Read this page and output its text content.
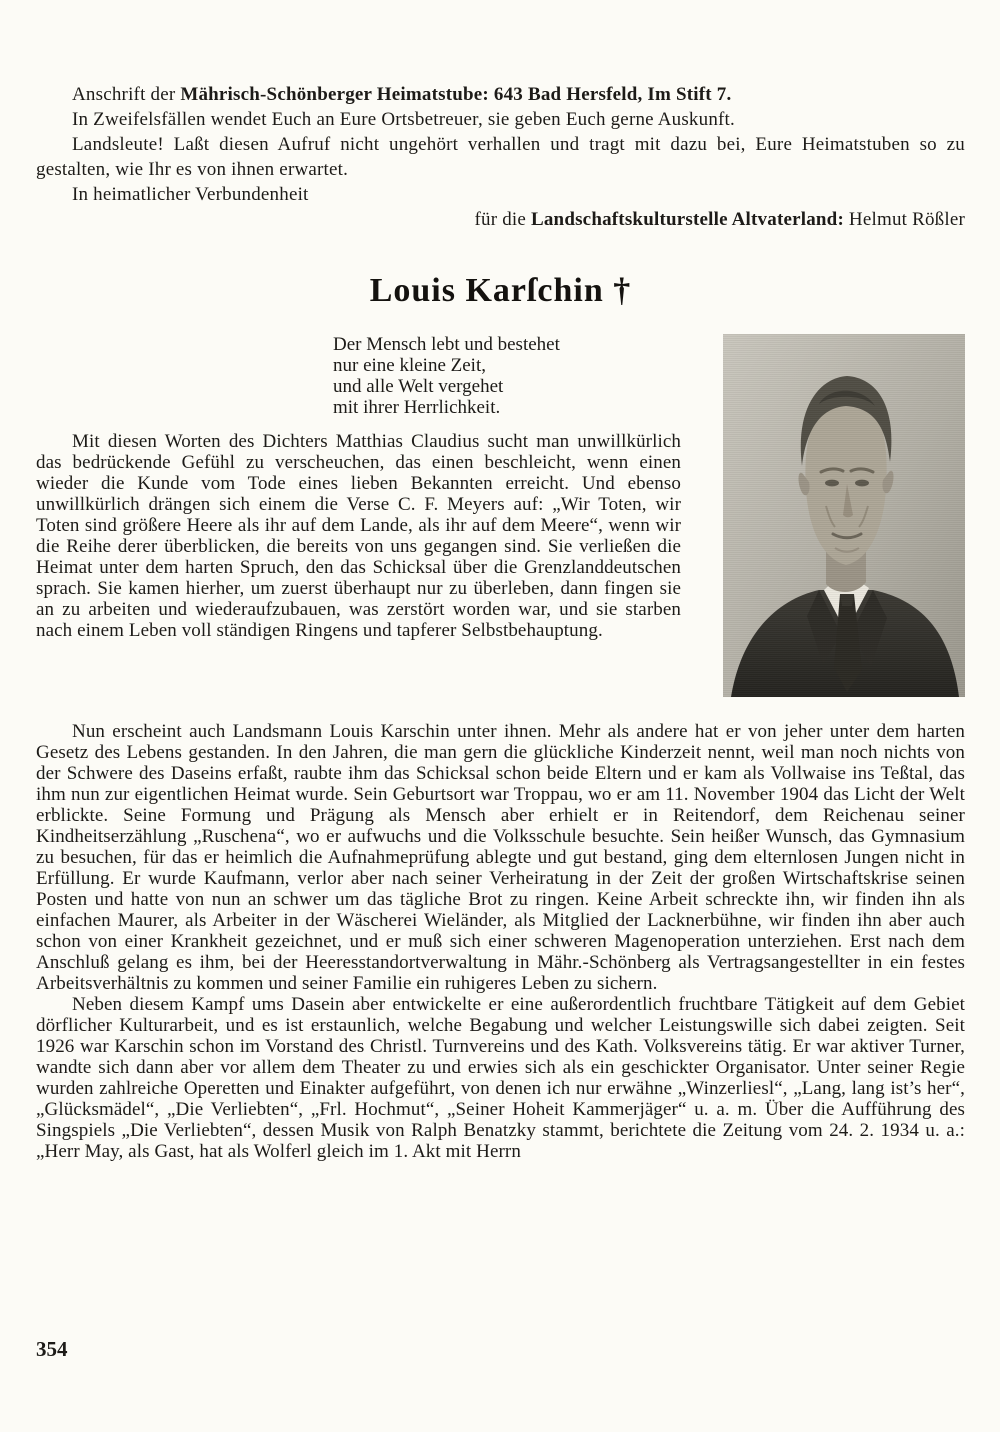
Anschrift der Mährisch-Schönberger Heimatstube: 643 Bad Hersfeld, Im Stift 7.

In Zweifelsfällen wendet Euch an Eure Ortsbetreuer, sie geben Euch gerne Auskunft.

Landsleute! Laßt diesen Aufruf nicht ungehört verhallen und tragt mit dazu bei, Eure Heimatstuben so zu gestalten, wie Ihr es von ihnen erwartet.

In heimatlicher Verbundenheit

für die Landschaftskulturstelle Altvaterland: Helmut Rößler

Louis Karſchin †
Der Mensch lebt und bestehet
nur eine kleine Zeit,
und alle Welt vergehet
mit ihrer Herrlichkeit.

Mit diesen Worten des Dichters Matthias Claudius sucht man unwillkürlich das bedrückende Gefühl zu verscheuchen, das einen beschleicht, wenn einen wieder die Kunde vom Tode eines lieben Bekannten erreicht. Und ebenso unwillkürlich drängen sich einem die Verse C. F. Meyers auf: „Wir Toten, wir Toten sind größere Heere als ihr auf dem Lande, als ihr auf dem Meere“, wenn wir die Reihe derer überblicken, die bereits von uns gegangen sind. Sie verließen die Heimat unter dem harten Spruch, den das Schicksal über die Grenzlanddeutschen sprach. Sie kamen hierher, um zuerst überhaupt nur zu überleben, dann fingen sie an zu arbeiten und wiederaufzubauen, was zerstört worden war, und sie starben nach einem Leben voll ständigen Ringens und tapferer Selbstbehauptung.

Nun erscheint auch Landsmann Louis Karschin unter ihnen. Mehr als andere hat er von jeher unter dem harten Gesetz des Lebens gestanden. In den Jahren, die man gern die glückliche Kinderzeit nennt, weil man noch nichts von der Schwere des Daseins erfaßt, raubte ihm das Schicksal schon beide Eltern und er kam als Vollwaise ins Teßtal, das ihm nun zur eigentlichen Heimat wurde. Sein Geburtsort war Troppau, wo er am 11. November 1904 das Licht der Welt erblickte. Seine Formung und Prägung als Mensch aber erhielt er in Reitendorf, dem Reichenau seiner Kindheitserzählung „Ruschena“, wo er aufwuchs und die Volksschule besuchte. Sein heißer Wunsch, das Gymnasium zu besuchen, für das er heimlich die Aufnahmeprüfung ablegte und gut bestand, ging dem elternlosen Jungen nicht in Erfüllung. Er wurde Kaufmann, verlor aber nach seiner Verheiratung in der Zeit der großen Wirtschaftskrise seinen Posten und hatte von nun an schwer um das tägliche Brot zu ringen. Keine Arbeit schreckte ihn, wir finden ihn als einfachen Maurer, als Arbeiter in der Wäscherei Wieländer, als Mitglied der Lacknerbühne, wir finden ihn aber auch schon von einer Krankheit gezeichnet, und er muß sich einer schweren Magenoperation unterziehen. Erst nach dem Anschluß gelang es ihm, bei der Heeresstandortverwaltung in Mähr.-Schönberg als Vertragsangestellter in ein festes Arbeitsverhältnis zu kommen und seiner Familie ein ruhigeres Leben zu sichern.

Neben diesem Kampf ums Dasein aber entwickelte er eine außerordentlich fruchtbare Tätigkeit auf dem Gebiet dörflicher Kulturarbeit, und es ist erstaunlich, welche Begabung und welcher Leistungswille sich dabei zeigten. Seit 1926 war Karschin schon im Vorstand des Christl. Turnvereins und des Kath. Volksvereins tätig. Er war aktiver Turner, wandte sich dann aber vor allem dem Theater zu und erwies sich als ein geschickter Organisator. Unter seiner Regie wurden zahlreiche Operetten und Einakter aufgeführt, von denen ich nur erwähne „Winzerliesl“, „Lang, lang ist’s her“, „Glücksmädel“, „Die Verliebten“, „Frl. Hochmut“, „Seiner Hoheit Kammerjäger“ u. a. m. Über die Aufführung des Singspiels „Die Verliebten“, dessen Musik von Ralph Benatzky stammt, berichtete die Zeitung vom 24. 2. 1934 u. a.: „Herr May, als Gast, hat als Wolferl gleich im 1. Akt mit Herrn

354
